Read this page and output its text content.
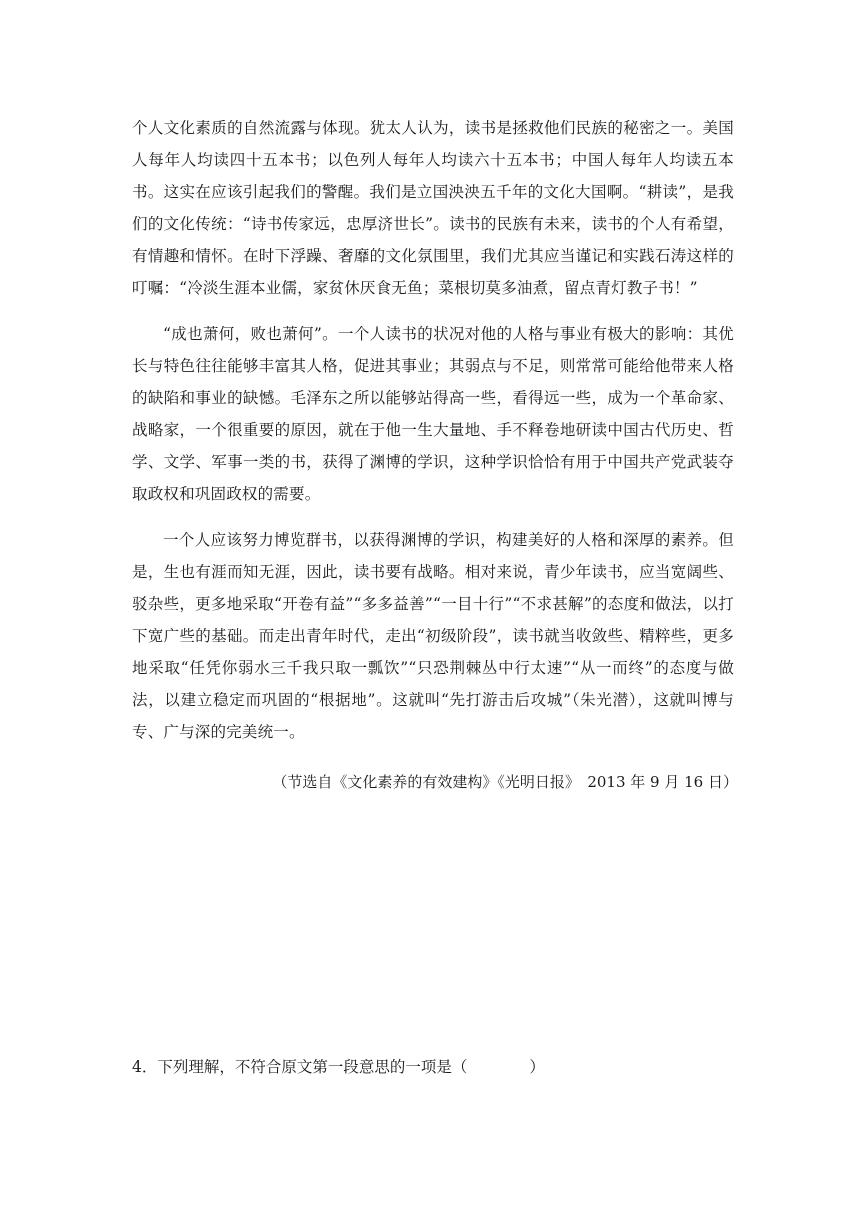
个人文化素质的自然流露与体现。犹太人认为，读书是拯救他们民族的秘密之一。美国人每年人均读四十五本书；以色列人每年人均读六十五本书；中国人每年人均读五本书。这实在应该引起我们的警醒。我们是立国泱泱五千年的文化大国啊。“耕读”，是我们的文化传统：“诗书传家远，忠厚济世长”。读书的民族有未来，读书的个人有希望，有情趣和情怀。在时下浮躁、奢靡的文化氛围里，我们尤其应当谨记和实践石涛这样的叮嘱：“冷淡生涯本业儒，家贫休厌食无鱼；菜根切莫多油煮，留点青灯教子书！”

“成也萧何，败也萧何”。一个人读书的状况对他的人格与事业有极大的影响：其优长与特色往往能够丰富其人格，促进其事业；其弱点与不足，则常常可能给他带来人格的缺陷和事业的缺憾。毛泽东之所以能够站得高一些，看得远一些，成为一个革命家、战略家，一个很重要的原因，就在于他一生大量地、手不释卷地研读中国古代历史、哲学、文学、军事一类的书，获得了渊博的学识，这种学识恰恰有用于中国共产党武装夺取政权和巩固政权的需要。

一个人应该努力博览群书，以获得渊博的学识，构建美好的人格和深厚的素养。但是，生也有涯而知无涯，因此，读书要有战略。相对来说，青少年读书，应当宽阔些、驳杂些，更多地采取“开卷有益”“多多益善”“一目十行”“不求甚解”的态度和做法，以打下宽广些的基础。而走出青年时代，走出“初级阶段”，读书就当收敛些、精粹些，更多地采取“任凭你弱水三千我只取一瓢饮”“只恐荆棘丛中行太速”“从一而终”的态度与做法，以建立稳定而巩固的“根据地”。这就叫“先打游击后攻城”（朱光潜），这就叫博与专、广与深的完美统一。

（节选自《文化素养的有效建构》《光明日报》　2013 年 9 月 16 日）
4．下列理解，不符合原文第一段意思的一项是（　　　　）
